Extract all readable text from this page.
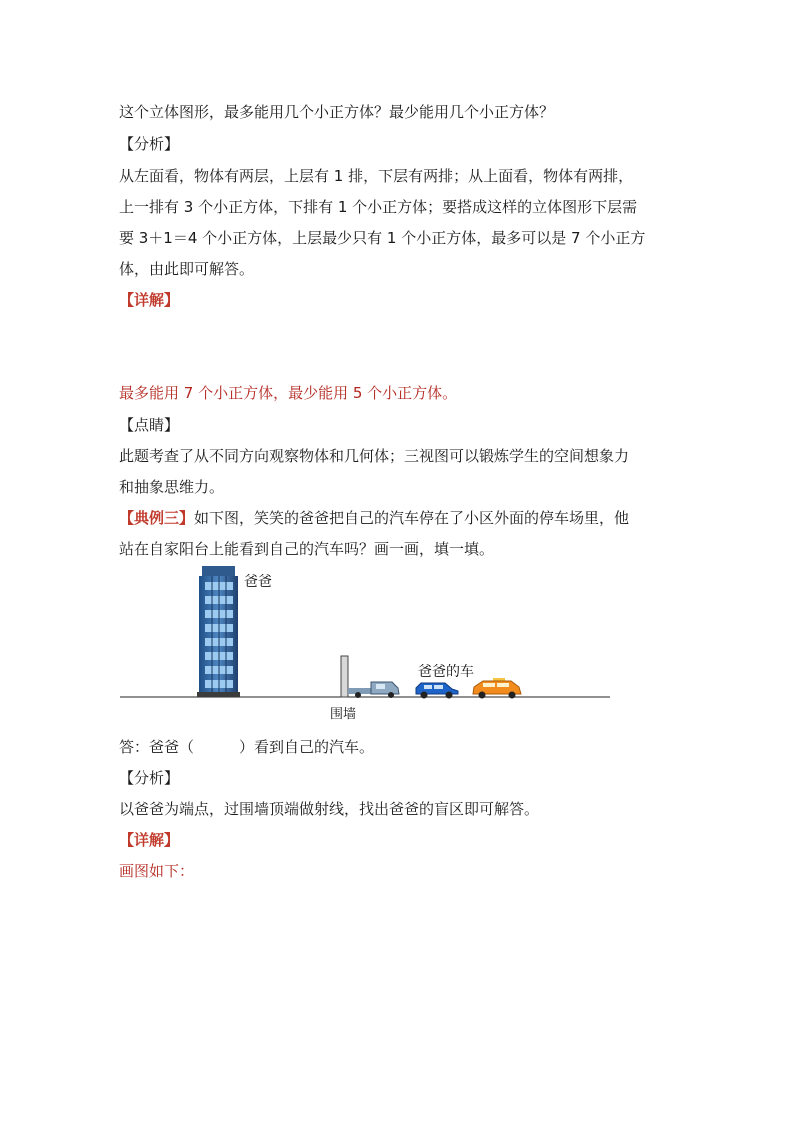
这个立体图形，最多能用几个小正方体？最少能用几个小正方体？
【分析】
从左面看，物体有两层，上层有 1 排，下层有两排；从上面看，物体有两排，
上一排有 3 个小正方体，下排有 1 个小正方体；要搭成这样的立体图形下层需
要 3＋1＝4 个小正方体，上层最少只有 1 个小正方体，最多可以是 7 个小正方
体，由此即可解答。
【详解】
最多能用 7 个小正方体，最少能用 5 个小正方体。
【点睛】
此题考查了从不同方向观察物体和几何体；三视图可以锻炼学生的空间想象力
和抽象思维力。
【典例三】如下图，笑笑的爸爸把自己的汽车停在了小区外面的停车场里，他
站在自家阳台上能看到自己的汽车吗？画一画，填一填。
爸爸
围墙
爸爸的车
答：爸爸（　　　）看到自己的汽车。
【分析】
以爸爸为端点，过围墙顶端做射线，找出爸爸的盲区即可解答。
【详解】
画图如下：
